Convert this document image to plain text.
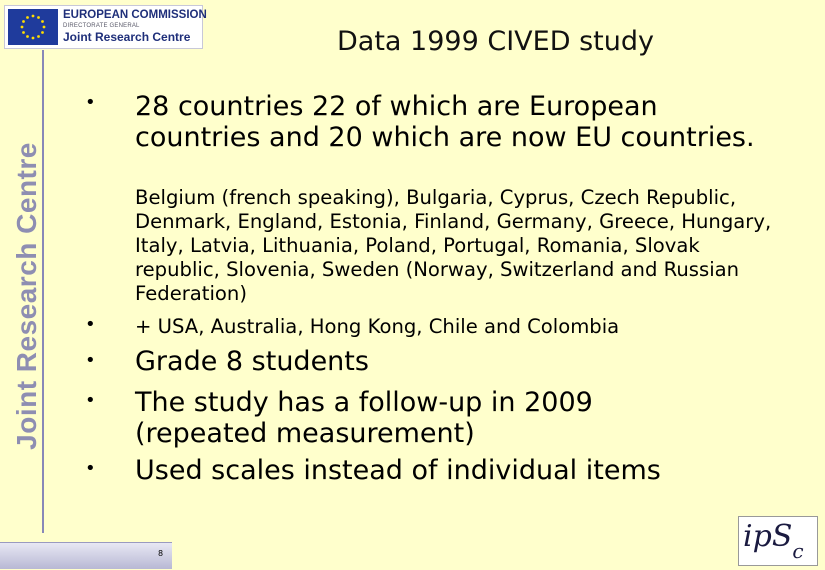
EUROPEAN COMMISSION
DIRECTORATE GENERAL
Joint Research Centre
Joint Research Centre
Data 1999 CIVED study
• 28 countries 22 of which are European countries and 20 which are now EU countries.
Belgium (french speaking), Bulgaria, Cyprus, Czech Republic, Denmark, England, Estonia, Finland, Germany, Greece, Hungary, Italy, Latvia, Lithuania, Poland, Portugal, Romania, Slovak republic, Slovenia, Sweden (Norway, Switzerland and Russian Federation)
• + USA, Australia, Hong Kong, Chile and Colombia
• Grade 8 students
• The study has a follow-up in 2009 (repeated measurement)
• Used scales instead of individual items
8	ipS$_c$
